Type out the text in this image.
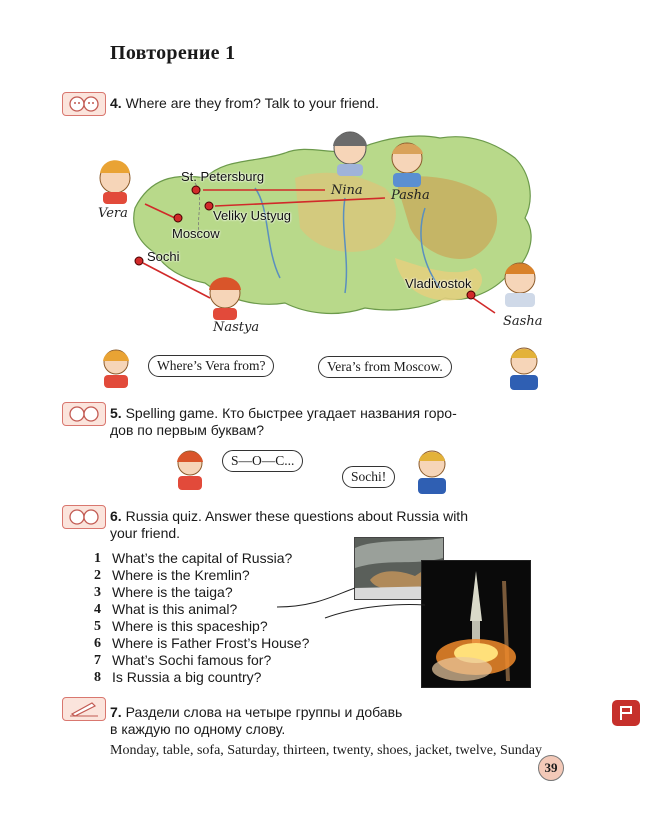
Повторение 1
4. Where are they from? Talk to your friend.
St. Petersburg
Moscow
Veliky Ustyug
Sochi
Vladivostok
Vera
Nina Pasha
Nastya	Sasha
Where’s Vera from?	Vera’s from Moscow.
5. Spelling game. Кто быстрее угадает названия горо-
дов по первым буквам?
S—O—C...
Sochi!
6. Russia quiz. Answer these questions about Russia with
your friend.
1 What’s the capital of Russia?
2 Where is the Kremlin?
3 Where is the taiga?
4 What is this animal?
5 Where is this spaceship?
6 Where is Father Frost’s House?
7 What’s Sochi famous for?
8 Is Russia a big country?
7. Раздели слова на четыре группы и добавь
в каждую по одному слову.
Monday, table, sofa, Saturday, thirteen, twenty, shoes, jacket, twelve, Sunday
39
